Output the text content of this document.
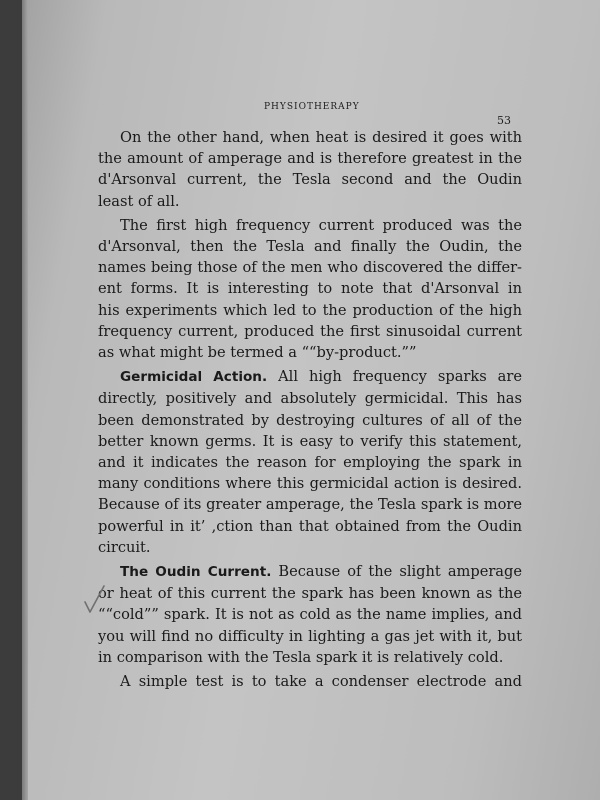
PHYSIOTHERAPY
53
On the other hand, when heat is desired it goes with
the amount of amperage and is therefore greatest in the
d'Arsonval current, the Tesla second and the Oudin
least of all.
The first high frequency current produced was the
d'Arsonval, then the Tesla and finally the Oudin, the
names being those of the men who discovered the differ-
ent forms. It is interesting to note that d'Arsonval in
his experiments which led to the production of the high
frequency current, produced the first sinusoidal current
as what might be termed a ““by-product.””
Germicidal Action. All high frequency sparks are
directly, positively and absolutely germicidal. This has
been demonstrated by destroying cultures of all of the
better known germs. It is easy to verify this statement,
and it indicates the reason for employing the spark in
many conditions where this germicidal action is desired.
Because of its greater amperage, the Tesla spark is more
powerful in it’ ,ction than that obtained from the Oudin
circuit.
The Oudin Current. Because of the slight amperage
or heat of this current the spark has been known as the
““cold”” spark. It is not as cold as the name implies, and
you will find no difficulty in lighting a gas jet with it, but
in comparison with the Tesla spark it is relatively cold.
A simple test is to take a condenser electrode and
